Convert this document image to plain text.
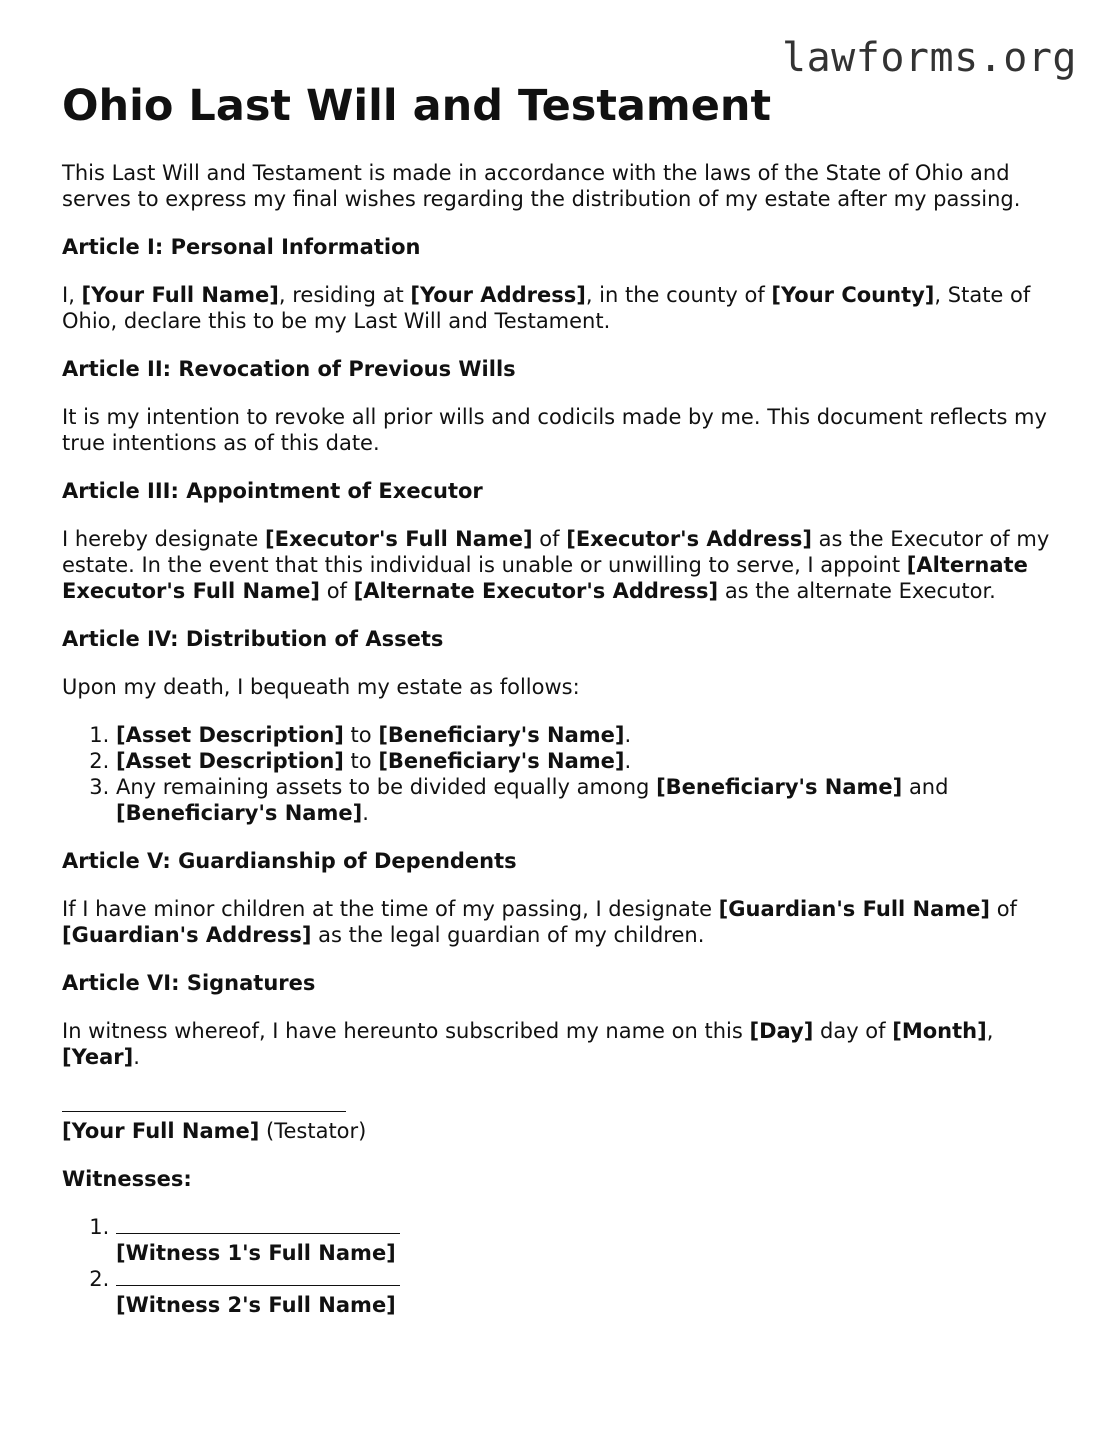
lawforms.org
Ohio Last Will and Testament

This Last Will and Testament is made in accordance with the laws of the State of Ohio and serves to express my final wishes regarding the distribution of my estate after my passing.

Article I: Personal Information

I, [Your Full Name], residing at [Your Address], in the county of [Your County], State of Ohio, declare this to be my Last Will and Testament.

Article II: Revocation of Previous Wills

It is my intention to revoke all prior wills and codicils made by me. This document reflects my true intentions as of this date.

Article III: Appointment of Executor

I hereby designate [Executor's Full Name] of [Executor's Address] as the Executor of my estate. In the event that this individual is unable or unwilling to serve, I appoint [Alternate Executor's Full Name] of [Alternate Executor's Address] as the alternate Executor.

Article IV: Distribution of Assets

Upon my death, I bequeath my estate as follows:

1. [Asset Description] to [Beneficiary's Name].
2. [Asset Description] to [Beneficiary's Name].
3. Any remaining assets to be divided equally among [Beneficiary's Name] and [Beneficiary's Name].
Article V: Guardianship of Dependents

If I have minor children at the time of my passing, I designate [Guardian's Full Name] of [Guardian's Address] as the legal guardian of my children.

Article VI: Signatures

In witness whereof, I have hereunto subscribed my name on this [Day] day of [Month], [Year].

[Your Full Name] (Testator)
Witnesses:
1. [Witness 1's Full Name]
2. [Witness 2's Full Name]
